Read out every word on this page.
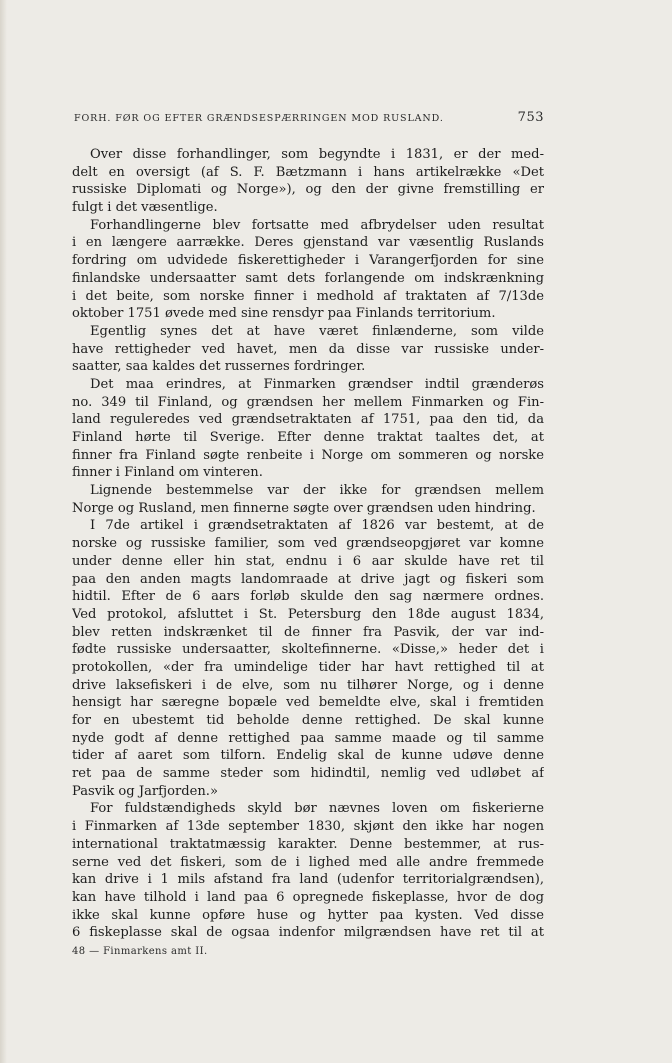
FORH. FØR OG EFTER GRÆNDSESPÆRRINGEN MOD RUSLAND.	753
Over disse forhandlinger, som begyndte i 1831, er der med-
delt en oversigt (af S. F. Bætzmann i hans artikelrække «Det
russiske Diplomati og Norge»), og den der givne fremstilling er
fulgt i det væsentlige.
Forhandlingerne blev fortsatte med afbrydelser uden resultat
i en længere aarrække. Deres gjenstand var væsentlig Ruslands
fordring om udvidede fiskerettigheder i Varangerfjorden for sine
finlandske undersaatter samt dets forlangende om indskrænkning
i det beite, som norske finner i medhold af traktaten af 7/13de
oktober 1751 øvede med sine rensdyr paa Finlands territorium.
Egentlig synes det at have været finlænderne, som vilde
have rettigheder ved havet, men da disse var russiske under-
saatter, saa kaldes det russernes fordringer.
Det maa erindres, at Finmarken grændser indtil grænderøs
no. 349 til Finland, og grændsen her mellem Finmarken og Fin-
land reguleredes ved grændsetraktaten af 1751, paa den tid, da
Finland hørte til Sverige. Efter denne traktat taaltes det, at
finner fra Finland søgte renbeite i Norge om sommeren og norske
finner i Finland om vinteren.
Lignende bestemmelse var der ikke for grændsen mellem
Norge og Rusland, men finnerne søgte over grændsen uden hindring.
I 7de artikel i grændsetraktaten af 1826 var bestemt, at de
norske og russiske familier, som ved grændseopgjøret var komne
under denne eller hin stat, endnu i 6 aar skulde have ret til
paa den anden magts landomraade at drive jagt og fiskeri som
hidtil. Efter de 6 aars forløb skulde den sag nærmere ordnes.
Ved protokol, afsluttet i St. Petersburg den 18de august 1834,
blev retten indskrænket til de finner fra Pasvik, der var ind-
fødte russiske undersaatter, skoltefinnerne. «Disse,» heder det i
protokollen, «der fra umindelige tider har havt rettighed til at
drive laksefiskeri i de elve, som nu tilhører Norge, og i denne
hensigt har særegne bopæle ved bemeldte elve, skal i fremtiden
for en ubestemt tid beholde denne rettighed. De skal kunne
nyde godt af denne rettighed paa samme maade og til samme
tider af aaret som tilforn. Endelig skal de kunne udøve denne
ret paa de samme steder som hidindtil, nemlig ved udløbet af
Pasvik og Jarfjorden.»
For fuldstændigheds skyld bør nævnes loven om fiskerierne
i Finmarken af 13de september 1830, skjønt den ikke har nogen
international traktatmæssig karakter. Denne bestemmer, at rus-
serne ved det fiskeri, som de i lighed med alle andre fremmede
kan drive i 1 mils afstand fra land (udenfor territorialgrændsen),
kan have tilhold i land paa 6 opregnede fiskeplasse, hvor de dog
ikke skal kunne opføre huse og hytter paa kysten. Ved disse
6 fiskeplasse skal de ogsaa indenfor milgrændsen have ret til at
48 — Finmarkens amt II.
